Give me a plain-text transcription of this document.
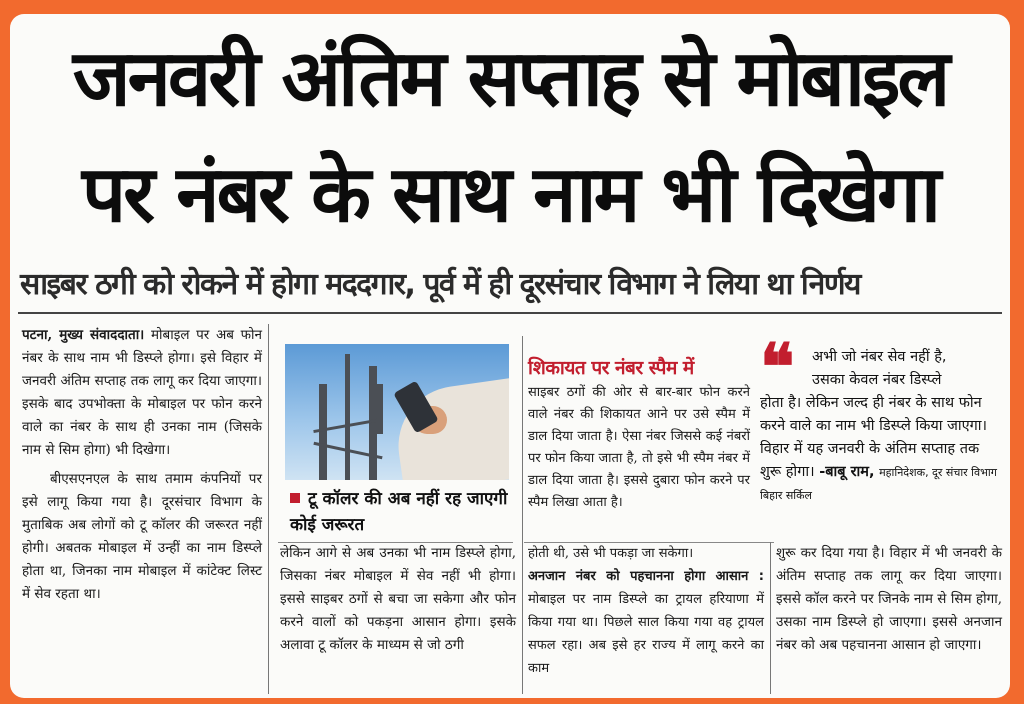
जनवरी अंतिम सप्ताह से मोबाइल
पर नंबर के साथ नाम भी दिखेगा
साइबर ठगी को रोकने में होगा मददगार, पूर्व में ही दूरसंचार विभाग ने लिया था निर्णय

पटना, मुख्य संवाददाता। मोबाइल पर अब फोन नंबर के साथ नाम भी डिस्प्ले होगा। इसे विहार में जनवरी अंतिम सप्ताह तक लागू कर दिया जाएगा। इसके बाद उपभोक्ता के मोबाइल पर फोन करने वाले का नंबर के साथ ही उनका नाम (जिसके नाम से सिम होगा) भी दिखेगा।

बीएसएनएल के साथ तमाम कंपनियों पर इसे लागू किया गया है। दूरसंचार विभाग के मुताबिक अब लोगों को टू कॉलर की जरूरत नहीं होगी। अबतक मोबाइल में उन्हीं का नाम डिस्प्ले होता था, जिनका नाम मोबाइल में कांटेक्ट लिस्ट में सेव रहता था।

टू कॉलर की अब नहीं रह जाएगी कोई जरूरत

लेकिन आगे से अब उनका भी नाम डिस्प्ले होगा, जिसका नंबर मोबाइल में सेव नहीं भी होगा। इससे साइबर ठगों से बचा जा सकेगा और फोन करने वालों को पकड़ना आसान होगा। इसके अलावा टू कॉलर के माध्यम से जो ठगी

शिकायत पर नंबर स्पैम में

साइबर ठगों की ओर से बार-बार फोन करने वाले नंबर की शिकायत आने पर उसे स्पैम में डाल दिया जाता है। ऐसा नंबर जिससे कई नंबरों पर फोन किया जाता है, तो इसे भी स्पैम नंबर में डाल दिया जाता है। इससे दुबारा फोन करने पर स्पैम लिखा आता है।

होती थी, उसे भी पकड़ा जा सकेगा।

अनजान नंबर को पहचानना होगा आसान : मोबाइल पर नाम डिस्प्ले का ट्रायल हरियाणा में किया गया था। पिछले साल किया गया वह ट्रायल सफल रहा। अब इसे हर राज्य में लागू करने का काम

❝	अभी जो नंबर सेव नहीं है,
उसका केवल नंबर डिस्प्ले
होता है। लेकिन जल्द ही नंबर के साथ फोन करने वाले का नाम भी डिस्प्ले किया जाएगा। विहार में यह जनवरी के अंतिम सप्ताह तक शुरू होगा। -बाबू राम, महानिदेशक, दूर संचार विभाग बिहार सर्किल

शुरू कर दिया गया है। विहार में भी जनवरी के अंतिम सप्ताह तक लागू कर दिया जाएगा। इससे कॉल करने पर जिनके नाम से सिम होगा, उसका नाम डिस्प्ले हो जाएगा। इससे अनजान नंबर को अब पहचानना आसान हो जाएगा।
